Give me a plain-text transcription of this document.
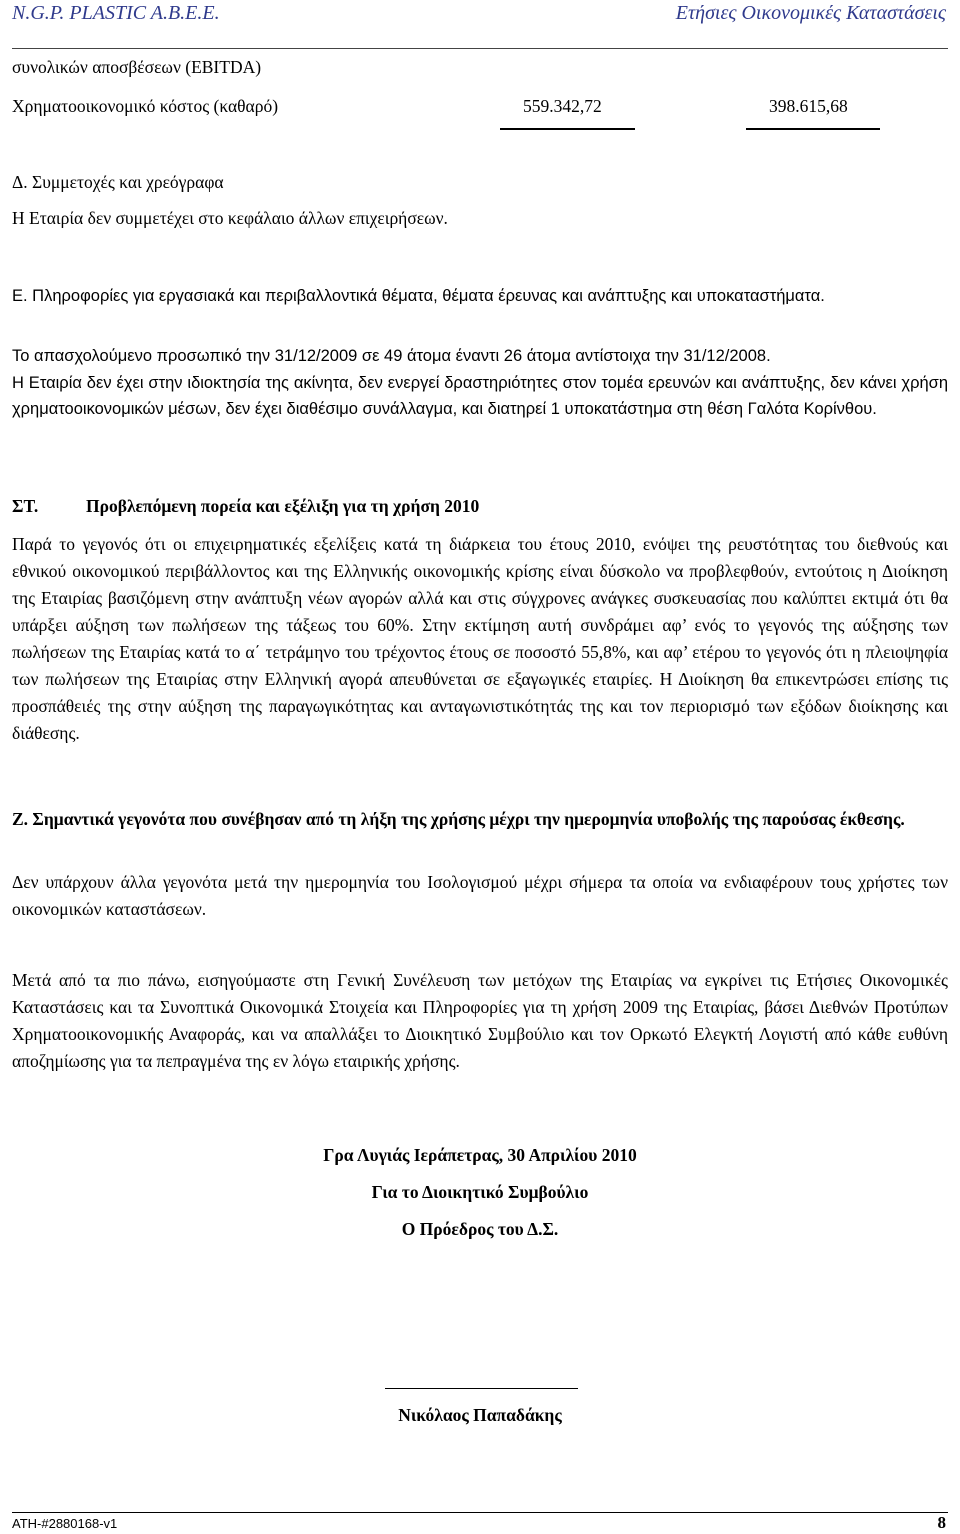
N.G.P. PLASTIC A.B.E.E.	Ετήσιες Οικονομικές Καταστάσεις
συνολικών αποσβέσεων (EBITDA)
Χρηματοοικονομικό κόστος (καθαρό)	559.342,72	398.615,68
Δ. Συμμετοχές και χρεόγραφα
Η Εταιρία δεν συμμετέχει στο κεφάλαιο άλλων επιχειρήσεων.
Ε. Πληροφορίες για εργασιακά και περιβαλλοντικά θέματα, θέματα έρευνας και ανάπτυξης και υποκαταστήματα.
Το απασχολούμενο προσωπικό την 31/12/2009 σε 49 άτομα έναντι 26 άτομα αντίστοιχα την 31/12/2008.
Η Εταιρία δεν έχει στην ιδιοκτησία της ακίνητα, δεν ενεργεί δραστηριότητες στον τομέα ερευνών και ανάπτυξης, δεν κάνει χρήση χρηματοοικονομικών μέσων, δεν έχει διαθέσιμο συνάλλαγμα, και διατηρεί 1 υποκατάστημα στη θέση Γαλότα Κορίνθου.
ΣΤ.	Προβλεπόμενη πορεία και εξέλιξη για τη χρήση 2010
Παρά το γεγονός ότι οι επιχειρηματικές εξελίξεις κατά τη διάρκεια του έτους 2010, ενόψει της ρευστότητας του διεθνούς και εθνικού οικονομικού περιβάλλοντος και της Ελληνικής οικονομικής κρίσης είναι δύσκολο να προβλεφθούν, εντούτοις η Διοίκηση της Εταιρίας βασιζόμενη στην ανάπτυξη νέων αγορών αλλά και στις σύγχρονες ανάγκες συσκευασίας που καλύπτει εκτιμά ότι θα υπάρξει αύξηση των πωλήσεων της τάξεως του 60%. Στην εκτίμηση αυτή συνδράμει αφ’ ενός το γεγονός της αύξησης των πωλήσεων της Εταιρίας κατά το α΄ τετράμηνο του τρέχοντος έτους σε ποσοστό 55,8%, και αφ’ ετέρου το γεγονός ότι η πλειοψηφία των πωλήσεων της Εταιρίας στην Ελληνική αγορά απευθύνεται σε εξαγωγικές εταιρίες. Η Διοίκηση θα επικεντρώσει επίσης τις προσπάθειές της στην αύξηση της παραγωγικότητας και ανταγωνιστικότητάς της και τον περιορισμό των εξόδων διοίκησης και διάθεσης.
Ζ. Σημαντικά γεγονότα που συνέβησαν από τη λήξη της χρήσης μέχρι την ημερομηνία υποβολής της παρούσας έκθεσης.
Δεν υπάρχουν άλλα γεγονότα μετά την ημερομηνία του Ισολογισμού μέχρι σήμερα τα οποία να ενδιαφέρουν τους χρήστες των οικονομικών καταστάσεων.
Μετά από τα πιο πάνω, εισηγούμαστε στη Γενική Συνέλευση των μετόχων της Εταιρίας να εγκρίνει τις Ετήσιες Οικονομικές Καταστάσεις και τα Συνοπτικά Οικονομικά Στοιχεία και Πληροφορίες για τη χρήση 2009 της Εταιρίας, βάσει Διεθνών Προτύπων Χρηματοοικονομικής Αναφοράς, και να απαλλάξει το Διοικητικό Συμβούλιο και τον Ορκωτό Ελεγκτή Λογιστή από κάθε ευθύνη αποζημίωσης για τα πεπραγμένα της εν λόγω εταιρικής χρήσης.
Γρα Λυγιάς Ιεράπετρας, 30 Απριλίου 2010
Για το Διοικητικό Συμβούλιο
Ο Πρόεδρος του Δ.Σ.
Νικόλαος Παπαδάκης
ΑΤΗ-#2880168-v1	8
